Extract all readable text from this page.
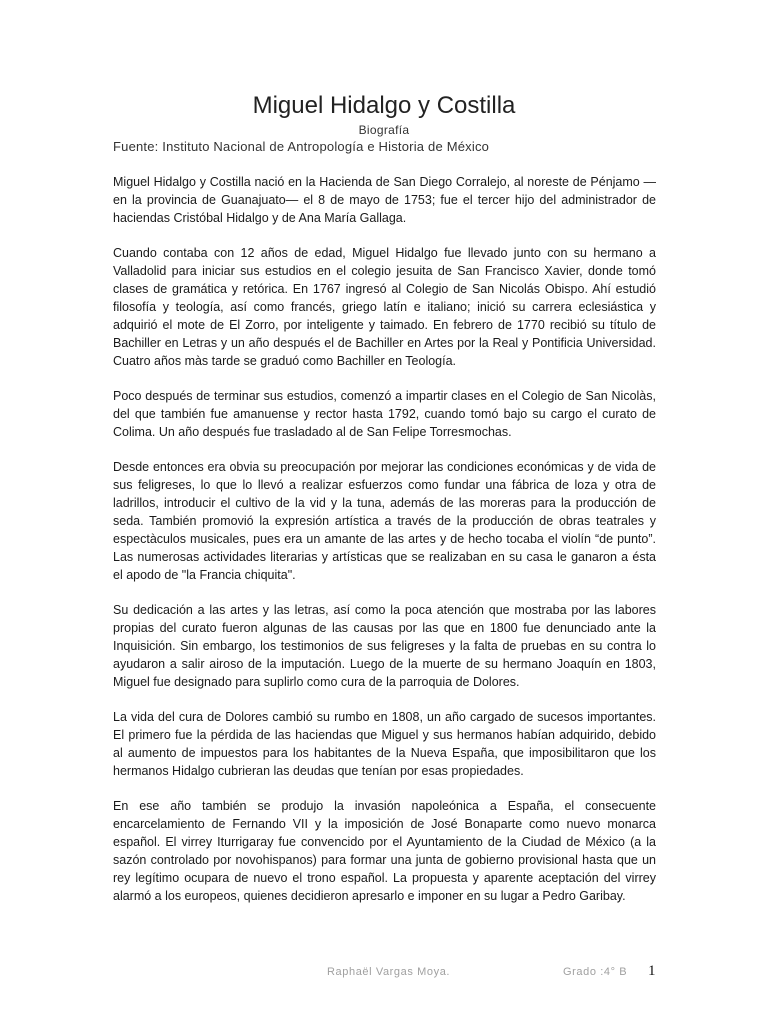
Miguel Hidalgo y Costilla
Biografía
Fuente: Instituto Nacional de Antropología e Historia de México

Miguel Hidalgo y Costilla nació en la Hacienda de San Diego Corralejo, al noreste de Pénjamo — en la provincia de Guanajuato— el 8 de mayo de 1753; fue el tercer hijo del administrador de haciendas Cristóbal Hidalgo y de Ana María Gallaga.

Cuando contaba con 12 años de edad, Miguel Hidalgo fue llevado junto con su hermano a Valladolid para iniciar sus estudios en el colegio jesuita de San Francisco Xavier, donde tomó clases de gramática y retórica. En 1767 ingresó al Colegio de San Nicolás Obispo. Ahí estudió filosofía y teología, así como francés, griego latín e italiano; inició su carrera eclesiástica y adquirió el mote de El Zorro, por inteligente y taimado. En febrero de 1770 recibió su título de Bachiller en Letras y un año después el de Bachiller en Artes por la Real y Pontificia Universidad. Cuatro años màs tarde se graduó como Bachiller en Teología.

Poco después de terminar sus estudios, comenzó a impartir clases en el Colegio de San Nicolàs, del que también fue amanuense y rector hasta 1792, cuando tomó bajo su cargo el curato de Colima. Un año después fue trasladado al de San Felipe Torresmochas.

Desde entonces era obvia su preocupación por mejorar las condiciones económicas y de vida de sus feligreses, lo que lo llevó a realizar esfuerzos como fundar una fábrica de loza y otra de ladrillos, introducir el cultivo de la vid y la tuna, además de las moreras para la producción de seda. También promovió la expresión artística a través de la producción de obras teatrales y espectàculos musicales, pues era un amante de las artes y de hecho tocaba el violín “de punto”. Las numerosas actividades literarias y artísticas que se realizaban en su casa le ganaron a ésta el apodo de "la Francia chiquita".

Su dedicación a las artes y las letras, así como la poca atención que mostraba por las labores propias del curato fueron algunas de las causas por las que en 1800 fue denunciado ante la Inquisición. Sin embargo, los testimonios de sus feligreses y la falta de pruebas en su contra lo ayudaron a salir airoso de la imputación. Luego de la muerte de su hermano Joaquín en 1803, Miguel fue designado para suplirlo como cura de la parroquia de Dolores.

La vida del cura de Dolores cambió su rumbo en 1808, un año cargado de sucesos importantes. El primero fue la pérdida de las haciendas que Miguel y sus hermanos habían adquirido, debido al aumento de impuestos para los habitantes de la Nueva España, que imposibilitaron que los hermanos Hidalgo cubrieran las deudas que tenían por esas propiedades.

En ese año también se produjo la invasión napoleónica a España, el consecuente encarcelamiento de Fernando VII y la imposición de José Bonaparte como nuevo monarca español. El virrey Iturrigaray fue convencido por el Ayuntamiento de la Ciudad de México (a la sazón controlado por novohispanos) para formar una junta de gobierno provisional hasta que un rey legítimo ocupara de nuevo el trono español. La propuesta y aparente aceptación del virrey alarmó a los europeos, quienes decidieron apresarlo e imponer en su lugar a Pedro Garibay.

Raphaël Vargas Moya.	Grado :4° B 1
